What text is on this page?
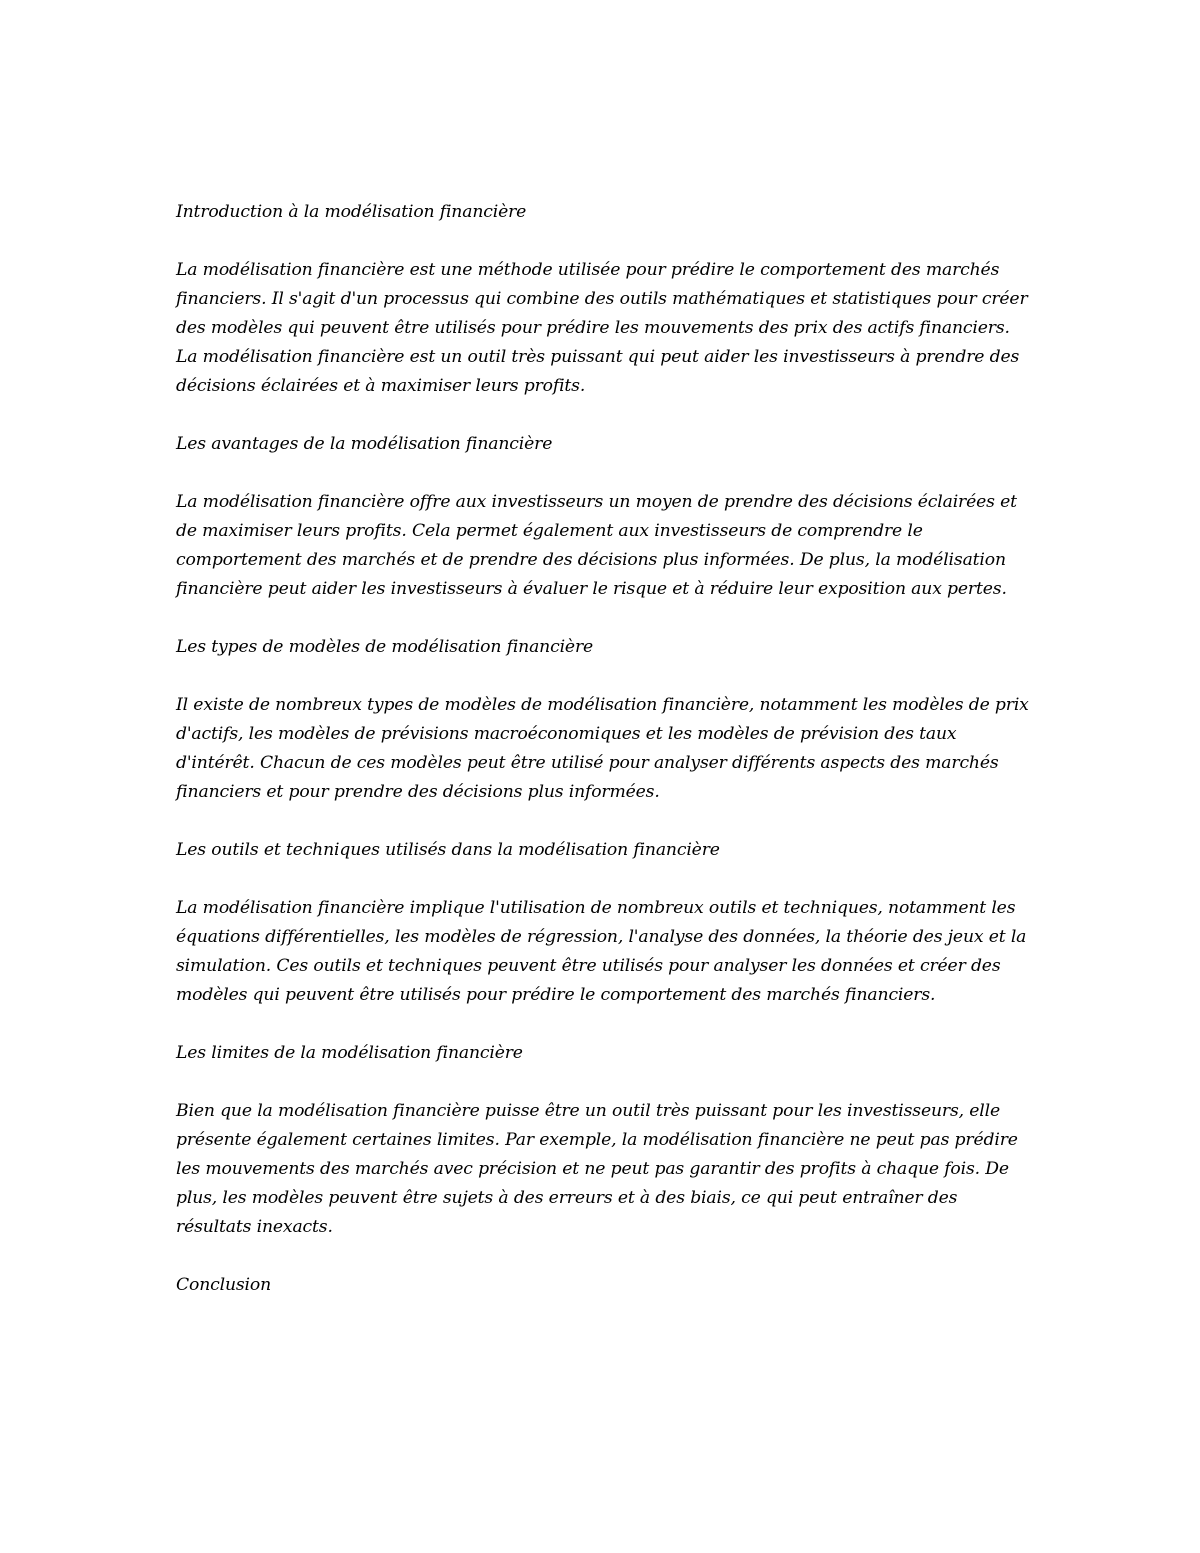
Introduction à la modélisation financière

La modélisation financière est une méthode utilisée pour prédire le comportement des marchés financiers. Il s'agit d'un processus qui combine des outils mathématiques et statistiques pour créer des modèles qui peuvent être utilisés pour prédire les mouvements des prix des actifs financiers. La modélisation financière est un outil très puissant qui peut aider les investisseurs à prendre des décisions éclairées et à maximiser leurs profits.

Les avantages de la modélisation financière

La modélisation financière offre aux investisseurs un moyen de prendre des décisions éclairées et de maximiser leurs profits. Cela permet également aux investisseurs de comprendre le comportement des marchés et de prendre des décisions plus informées. De plus, la modélisation financière peut aider les investisseurs à évaluer le risque et à réduire leur exposition aux pertes.

Les types de modèles de modélisation financière

Il existe de nombreux types de modèles de modélisation financière, notamment les modèles de prix d'actifs, les modèles de prévisions macroéconomiques et les modèles de prévision des taux d'intérêt. Chacun de ces modèles peut être utilisé pour analyser différents aspects des marchés financiers et pour prendre des décisions plus informées.

Les outils et techniques utilisés dans la modélisation financière

La modélisation financière implique l'utilisation de nombreux outils et techniques, notamment les équations différentielles, les modèles de régression, l'analyse des données, la théorie des jeux et la simulation. Ces outils et techniques peuvent être utilisés pour analyser les données et créer des modèles qui peuvent être utilisés pour prédire le comportement des marchés financiers.

Les limites de la modélisation financière

Bien que la modélisation financière puisse être un outil très puissant pour les investisseurs, elle présente également certaines limites. Par exemple, la modélisation financière ne peut pas prédire les mouvements des marchés avec précision et ne peut pas garantir des profits à chaque fois. De plus, les modèles peuvent être sujets à des erreurs et à des biais, ce qui peut entraîner des résultats inexacts.

Conclusion
